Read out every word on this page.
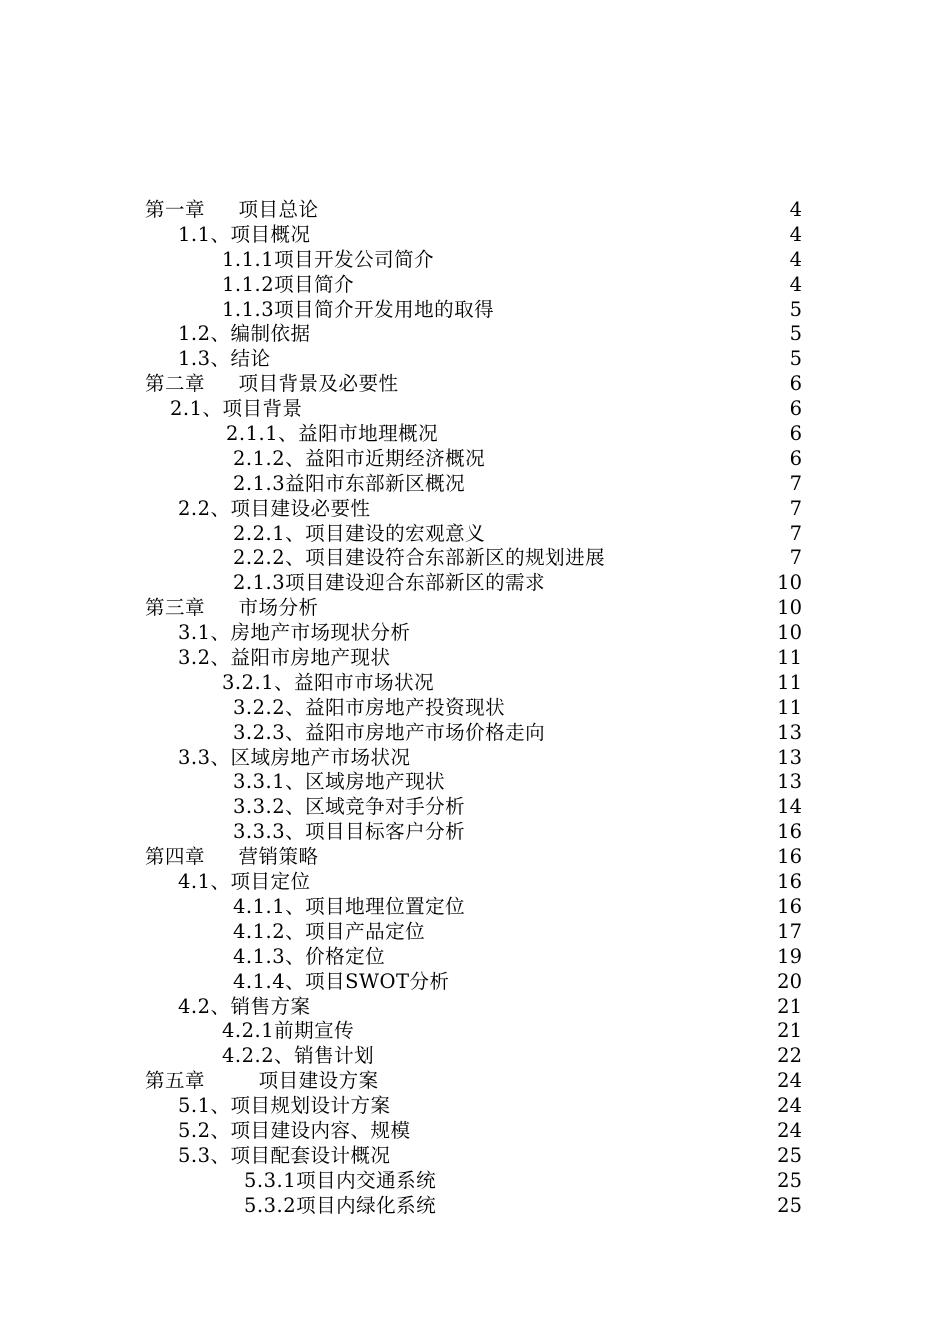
第一章     项目总论	4
1.1、项目概况	4
1.1.1项目开发公司简介	4
1.1.2项目简介	4
1.1.3项目简介开发用地的取得	5
1.2、编制依据	5
1.3、结论	5
第二章     项目背景及必要性	6
2.1、项目背景	6
2.1.1、益阳市地理概况	6
2.1.2、益阳市近期经济概况	6
2.1.3益阳市东部新区概况	7
2.2、项目建设必要性	7
2.2.1、项目建设的宏观意义	7
2.2.2、项目建设符合东部新区的规划进展	7
2.1.3项目建设迎合东部新区的需求	10
第三章     市场分析	10
3.1、房地产市场现状分析	10
3.2、益阳市房地产现状	11
3.2.1、益阳市市场状况	11
3.2.2、益阳市房地产投资现状	11
3.2.3、益阳市房地产市场价格走向	13
3.3、区域房地产市场状况	13
3.3.1、区域房地产现状	13
3.3.2、区域竞争对手分析	14
3.3.3、项目目标客户分析	16
第四章     营销策略	16
4.1、项目定位	16
4.1.1、项目地理位置定位	16
4.1.2、项目产品定位	17
4.1.3、价格定位	19
4.1.4、项目SWOT分析	20
4.2、销售方案	21
4.2.1前期宣传	21
4.2.2、销售计划	22
第五章        项目建设方案	24
5.1、项目规划设计方案	24
5.2、项目建设内容、规模	24
5.3、项目配套设计概况	25
5.3.1项目内交通系统	25
5.3.2项目内绿化系统	25
